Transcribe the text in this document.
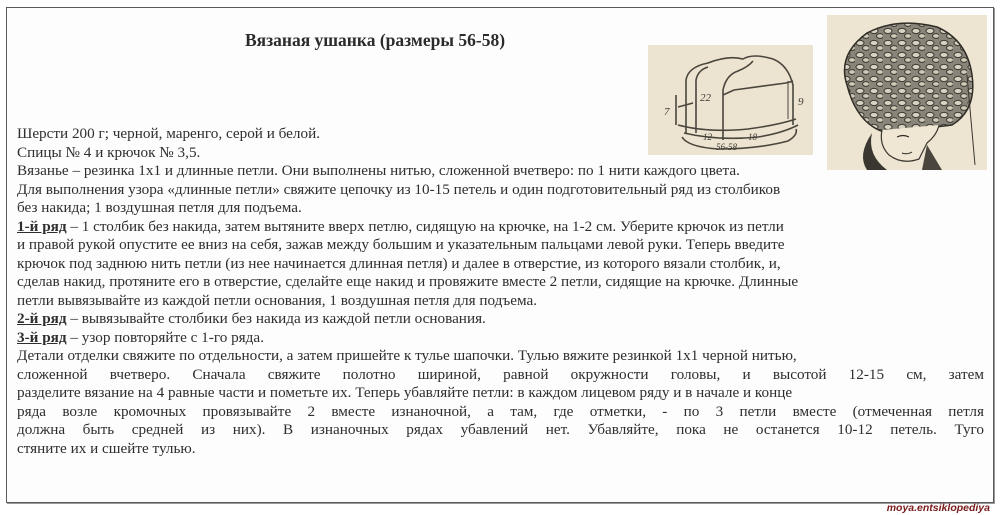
Вязаная ушанка (размеры 56-58)
7
22	9
12	18
56-58
Шерсти 200 г; черной, маренго, серой и белой.
Спицы № 4 и крючок № 3,5.
Вязанье – резинка 1х1 и длинные петли. Они выполнены нитью, сложенной вчетверо: по 1 нити каждого цвета.
Для выполнения узора «длинные петли» свяжите цепочку из 10-15 петель и один подготовительный ряд из столбиков
без накида; 1 воздушная петля для подъема.
1-й ряд – 1 столбик без накида, затем вытяните вверх петлю, сидящую на крючке, на 1-2 см. Уберите крючок из петли
и правой рукой опустите ее вниз на себя, зажав между большим и указательным пальцами левой руки. Теперь введите
крючок под заднюю нить петли (из нее начинается длинная петля) и далее в отверстие, из которого вязали столбик, и,
сделав накид, протяните его в отверстие, сделайте еще накид и провяжите вместе 2 петли, сидящие на крючке. Длинные
петли вывязывайте из каждой петли основания, 1 воздушная петля для подъема.
2-й ряд – вывязывайте столбики без накида из каждой петли основания.
3-й ряд – узор повторяйте с 1-го ряда.
Детали отделки свяжите по отдельности, а затем пришейте к тулье шапочки. Тулью вяжите резинкой 1х1 черной нитью,
сложенной вчетверо. Сначала свяжите полотно шириной, равной окружности головы, и высотой 12-15 см, затем
разделите вязание на 4 равные части и пометьте их. Теперь убавляйте петли: в каждом лицевом ряду и в начале и конце
ряда возле кромочных провязывайте 2 вместе изнаночной, а там, где отметки, - по 3 петли вместе (отмеченная петля
должна быть средней из них). В изнаночных рядах убавлений нет. Убавляйте, пока не останется 10-12 петель. Туго
стяните их и сшейте тулью.
moya.entsiklopediya
